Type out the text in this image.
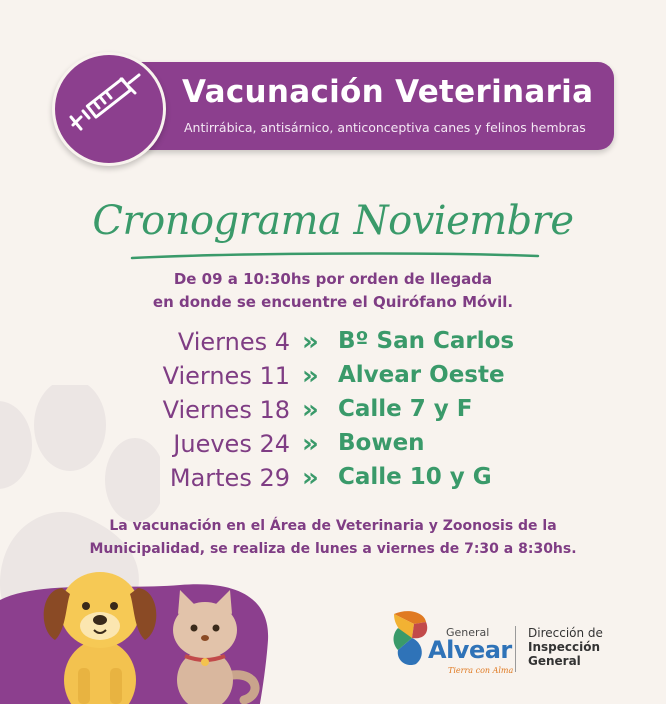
Vacunación Veterinaria
Antirrábica, antisárnico, anticonceptiva canes y felinos hembras
Cronograma Noviembre
De 09 a 10:30hs por orden de llegada
en donde se encuentre el Quirófano Móvil.
Viernes 4 » Bº San Carlos
Viernes 11 » Alvear Oeste
Viernes 18 » Calle 7 y F
Jueves 24 » Bowen
Martes 29 » Calle 10 y G
La vacunación en el Área de Veterinaria y Zoonosis de la
Municipalidad, se realiza de lunes a viernes de 7:30 a 8:30hs.
General
Alvear
Tierra con Alma
Dirección de
Inspección
General
